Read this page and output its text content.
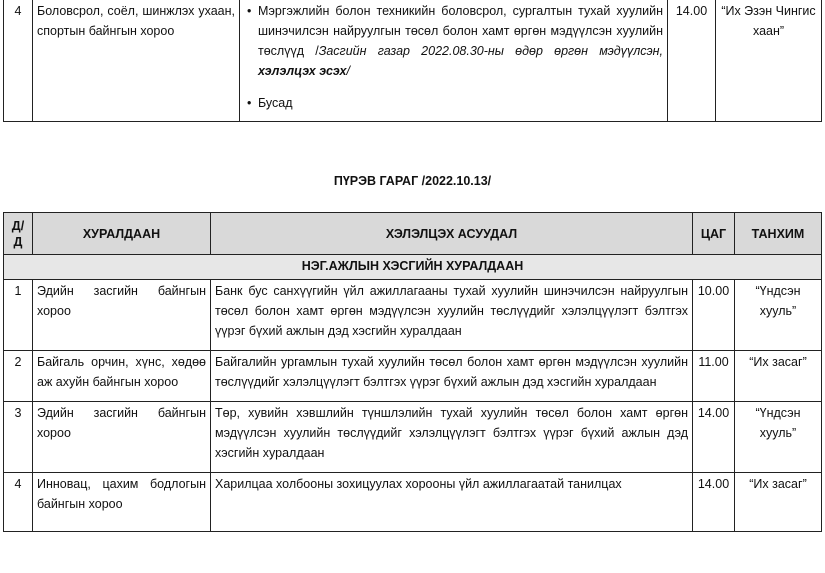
4	Боловсрол, соёл, шинжлэх ухаан, спортын байнгын хороо	
• Мэргэжлийн болон техникийн боловсрол, сургалтын тухай хуулийн шинэчилсэн найруулгын төсөл болон хамт өргөн мэдүүлсэн хуулийн төслүүд /Засгийн газар 2022.08.30-ны өдөр өргөн мэдүүлсэн, хэлэлцэх эсэх/
• Бусад
	14.00	“Их Эзэн Чингис хаан”
ПҮРЭВ ГАРАГ /2022.10.13/
Д/Д	ХУРАЛДААН	ХЭЛЭЛЦЭХ АСУУДАЛ	ЦАГ	ТАНХИМ
НЭГ.АЖЛЫН ХЭСГИЙН ХУРАЛДААН				
1	Эдийн засгийн байнгын хороо	Банк бус санхүүгийн үйл ажиллагааны тухай хуулийн шинэчилсэн найруулгын төсөл болон хамт өргөн мэдүүлсэн хуулийн төслүүдийг хэлэлцүүлэгт бэлтгэх үүрэг бүхий ажлын дэд хэсгийн хуралдаан	10.00	“Үндсэн хууль”
2	Байгаль орчин, хүнс, хөдөө аж ахуйн байнгын хороо	Байгалийн ургамлын тухай хуулийн төсөл болон хамт өргөн мэдүүлсэн хуулийн төслүүдийг хэлэлцүүлэгт бэлтгэх үүрэг бүхий ажлын дэд хэсгийн хуралдаан	11.00	“Их засаг”
3	Эдийн засгийн байнгын хороо	Төр, хувийн хэвшлийн түншлэлийн тухай хуулийн төсөл болон хамт өргөн мэдүүлсэн хуулийн төслүүдийг хэлэлцүүлэгт бэлтгэх үүрэг бүхий ажлын дэд хэсгийн хуралдаан	14.00	“Үндсэн хууль”
4	Инновац, цахим бодлогын байнгын хороо	Харилцаа холбооны зохицуулах хорооны үйл ажиллагаатай танилцах	14.00	“Их засаг”
